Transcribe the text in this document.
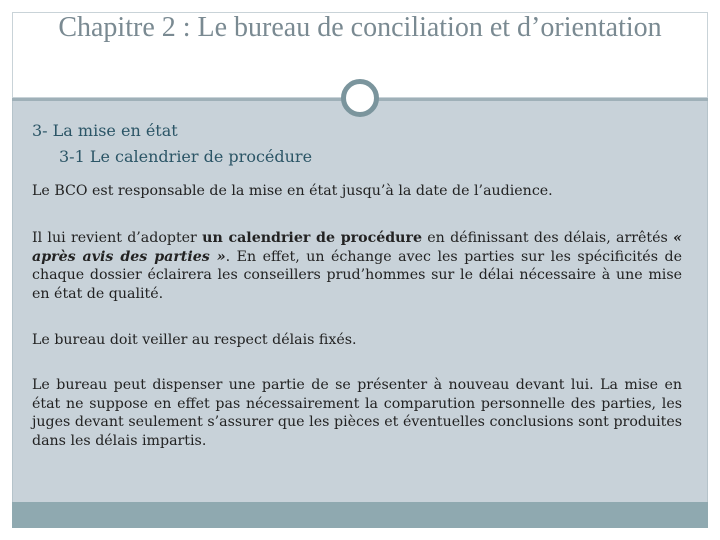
Chapitre 2 : Le bureau de conciliation et d’orientation
3- La mise en état
3-1 Le calendrier de procédure
Le BCO est responsable de la mise en état jusqu’à la date de l’audience.
Il lui revient d’adopter un calendrier de procédure en définissant des délais, arrêtés « après avis des parties ». En effet, un échange avec les parties sur les spécificités de chaque dossier éclairera les conseillers prud’hommes sur le délai nécessaire à une mise en état de qualité.
Le bureau doit veiller au respect délais fixés.
Le bureau peut dispenser une partie de se présenter à nouveau devant lui. La mise en état ne suppose en effet pas nécessairement la comparution personnelle des parties, les juges devant seulement s’assurer que les pièces et éventuelles conclusions sont produites dans les délais impartis.
